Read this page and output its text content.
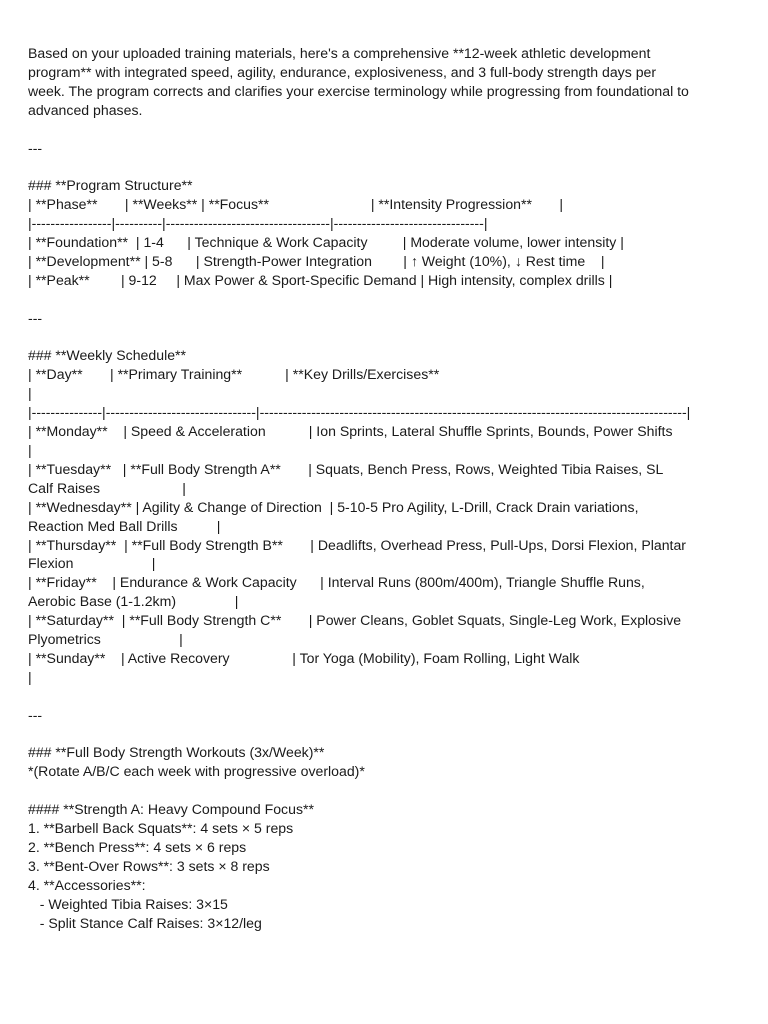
Based on your uploaded training materials, here's a comprehensive **12-week athletic development
program** with integrated speed, agility, endurance, explosiveness, and 3 full-body strength days per
week. The program corrects and clarifies your exercise terminology while progressing from foundational to
advanced phases.
---
### **Program Structure**
| **Phase**       | **Weeks** | **Focus**                          | **Intensity Progression**       |
|-----------------|----------|-----------------------------------|--------------------------------|
| **Foundation**  | 1-4      | Technique & Work Capacity         | Moderate volume, lower intensity |
| **Development** | 5-8      | Strength-Power Integration        | ↑ Weight (10%), ↓ Rest time    |
| **Peak**        | 9-12     | Max Power & Sport-Specific Demand | High intensity, complex drills |
---
### **Weekly Schedule**
| **Day**       | **Primary Training**           | **Key Drills/Exercises**
|
|---------------|--------------------------------|-------------------------------------------------------------------------------------------|
| **Monday**    | Speed & Acceleration           | Ion Sprints, Lateral Shuffle Sprints, Bounds, Power Shifts
|
| **Tuesday**   | **Full Body Strength A**       | Squats, Bench Press, Rows, Weighted Tibia Raises, SL
Calf Raises                     |
| **Wednesday** | Agility & Change of Direction  | 5-10-5 Pro Agility, L-Drill, Crack Drain variations,
Reaction Med Ball Drills          |
| **Thursday**  | **Full Body Strength B**       | Deadlifts, Overhead Press, Pull-Ups, Dorsi Flexion, Plantar
Flexion                    |
| **Friday**    | Endurance & Work Capacity      | Interval Runs (800m/400m), Triangle Shuffle Runs,
Aerobic Base (1-1.2km)               |
| **Saturday**  | **Full Body Strength C**       | Power Cleans, Goblet Squats, Single-Leg Work, Explosive
Plyometrics                    |
| **Sunday**    | Active Recovery                | Tor Yoga (Mobility), Foam Rolling, Light Walk
|
---
### **Full Body Strength Workouts (3x/Week)**
*(Rotate A/B/C each week with progressive overload)*
#### **Strength A: Heavy Compound Focus**
1. **Barbell Back Squats**: 4 sets × 5 reps
2. **Bench Press**: 4 sets × 6 reps
3. **Bent-Over Rows**: 3 sets × 8 reps
4. **Accessories**:
- Weighted Tibia Raises: 3×15
- Split Stance Calf Raises: 3×12/leg
